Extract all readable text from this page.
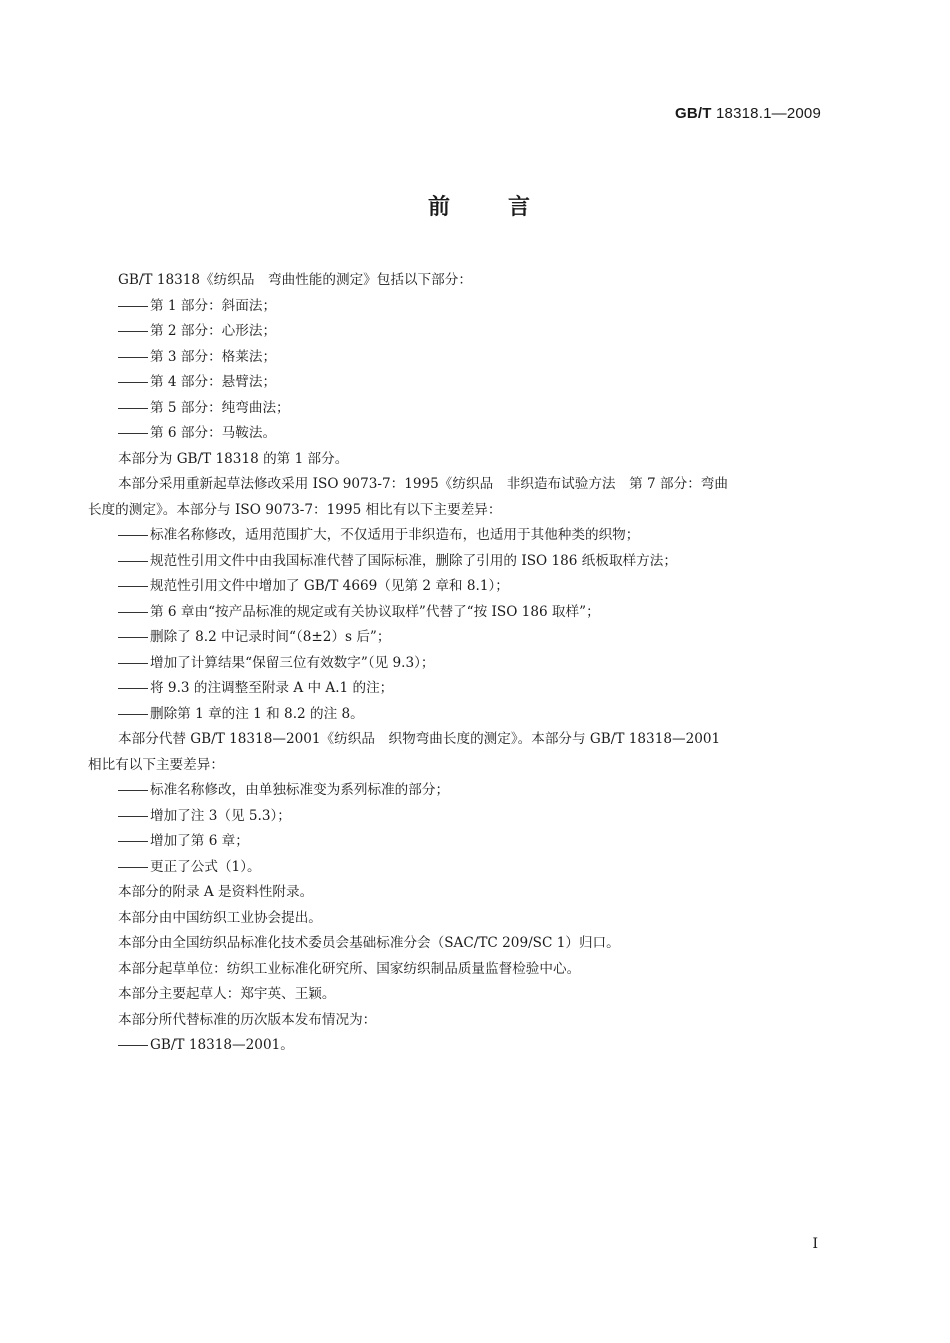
GB/T 18318.1—2009
前言
GB/T 18318《纺织品　弯曲性能的测定》包括以下部分：
第 1 部分：斜面法；
第 2 部分：心形法；
第 3 部分：格莱法；
第 4 部分：悬臂法；
第 5 部分：纯弯曲法；
第 6 部分：马鞍法。
本部分为 GB/T 18318 的第 1 部分。
本部分采用重新起草法修改采用 ISO 9073-7：1995《纺织品　非织造布试验方法　第 7 部分：弯曲
长度的测定》。本部分与 ISO 9073-7：1995 相比有以下主要差异：
标准名称修改，适用范围扩大，不仅适用于非织造布，也适用于其他种类的织物；
规范性引用文件中由我国标准代替了国际标准，删除了引用的 ISO 186 纸板取样方法；
规范性引用文件中增加了 GB/T 4669（见第 2 章和 8.1）；
第 6 章由“按产品标准的规定或有关协议取样”代替了“按 ISO 186 取样”；
删除了 8.2 中记录时间“（8±2）s 后”；
增加了计算结果“保留三位有效数字”（见 9.3）；
将 9.3 的注调整至附录 A 中 A.1 的注；
删除第 1 章的注 1 和 8.2 的注 8。
本部分代替 GB/T 18318—2001《纺织品　织物弯曲长度的测定》。本部分与 GB/T 18318—2001
相比有以下主要差异：
标准名称修改，由单独标准变为系列标准的部分；
增加了注 3（见 5.3）；
增加了第 6 章；
更正了公式（1）。
本部分的附录 A 是资料性附录。
本部分由中国纺织工业协会提出。
本部分由全国纺织品标准化技术委员会基础标准分会（SAC/TC 209/SC 1）归口。
本部分起草单位：纺织工业标准化研究所、国家纺织制品质量监督检验中心。
本部分主要起草人：郑宇英、王颖。
本部分所代替标准的历次版本发布情况为：
GB/T 18318—2001。
I
